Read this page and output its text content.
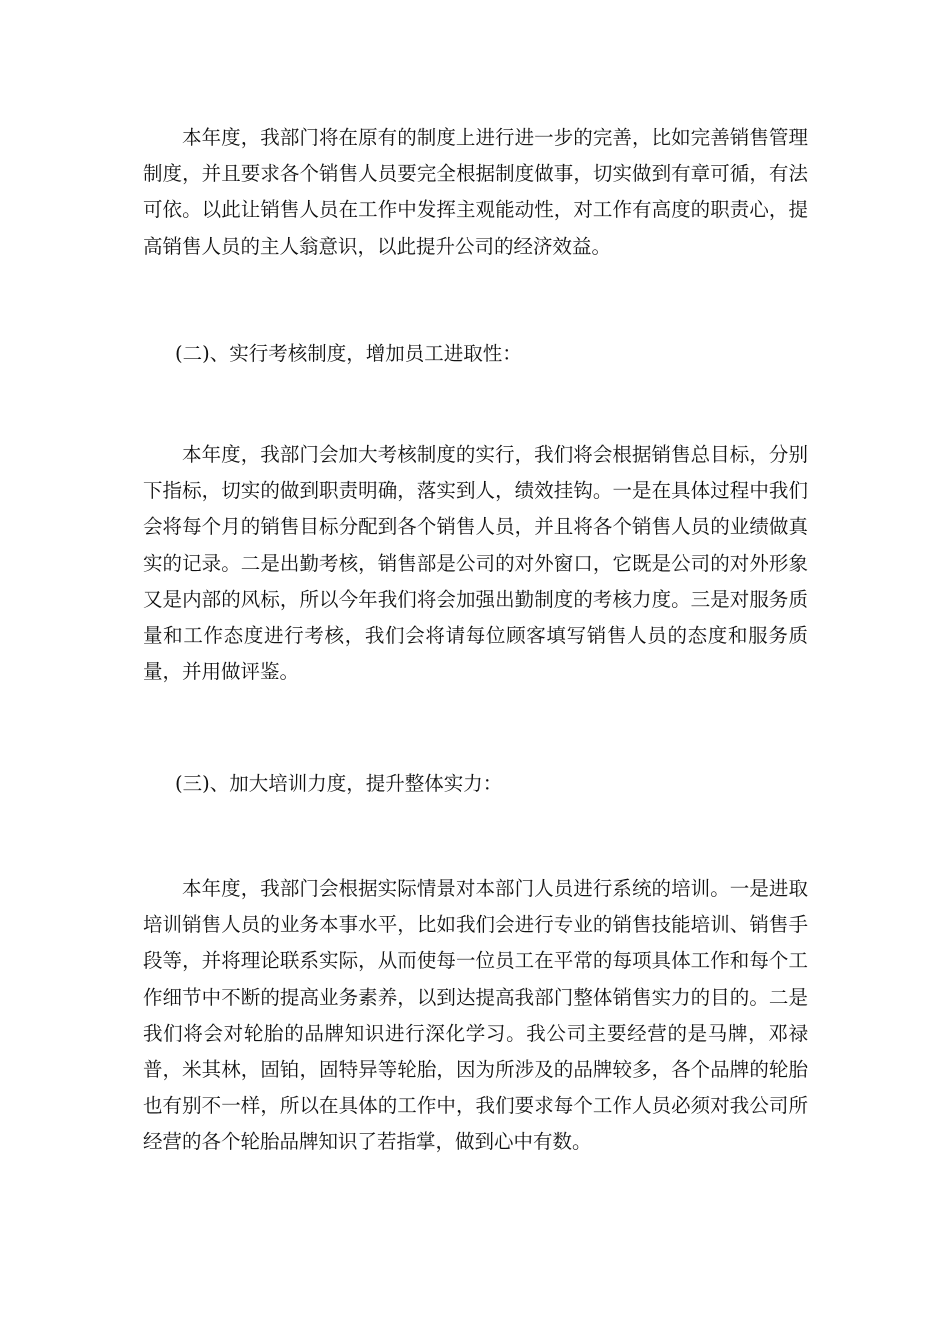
本年度，我部门将在原有的制度上进行进一步的完善，比如完善销售管理制度，并且要求各个销售人员要完全根据制度做事，切实做到有章可循，有法可依。以此让销售人员在工作中发挥主观能动性，对工作有高度的职责心，提高销售人员的主人翁意识，以此提升公司的经济效益。

(二)、实行考核制度，增加员工进取性：

本年度，我部门会加大考核制度的实行，我们将会根据销售总目标，分别下指标，切实的做到职责明确，落实到人，绩效挂钩。一是在具体过程中我们会将每个月的销售目标分配到各个销售人员，并且将各个销售人员的业绩做真实的记录。二是出勤考核，销售部是公司的对外窗口，它既是公司的对外形象又是内部的风标，所以今年我们将会加强出勤制度的考核力度。三是对服务质量和工作态度进行考核，我们会将请每位顾客填写销售人员的态度和服务质量，并用做评鉴。

(三)、加大培训力度，提升整体实力：

本年度，我部门会根据实际情景对本部门人员进行系统的培训。一是进取培训销售人员的业务本事水平，比如我们会进行专业的销售技能培训、销售手段等，并将理论联系实际，从而使每一位员工在平常的每项具体工作和每个工作细节中不断的提高业务素养，以到达提高我部门整体销售实力的目的。二是我们将会对轮胎的品牌知识进行深化学习。我公司主要经营的是马牌，邓禄普，米其林，固铂，固特异等轮胎，因为所涉及的品牌较多，各个品牌的轮胎也有别不一样，所以在具体的工作中，我们要求每个工作人员必须对我公司所经营的各个轮胎品牌知识了若指掌，做到心中有数。
